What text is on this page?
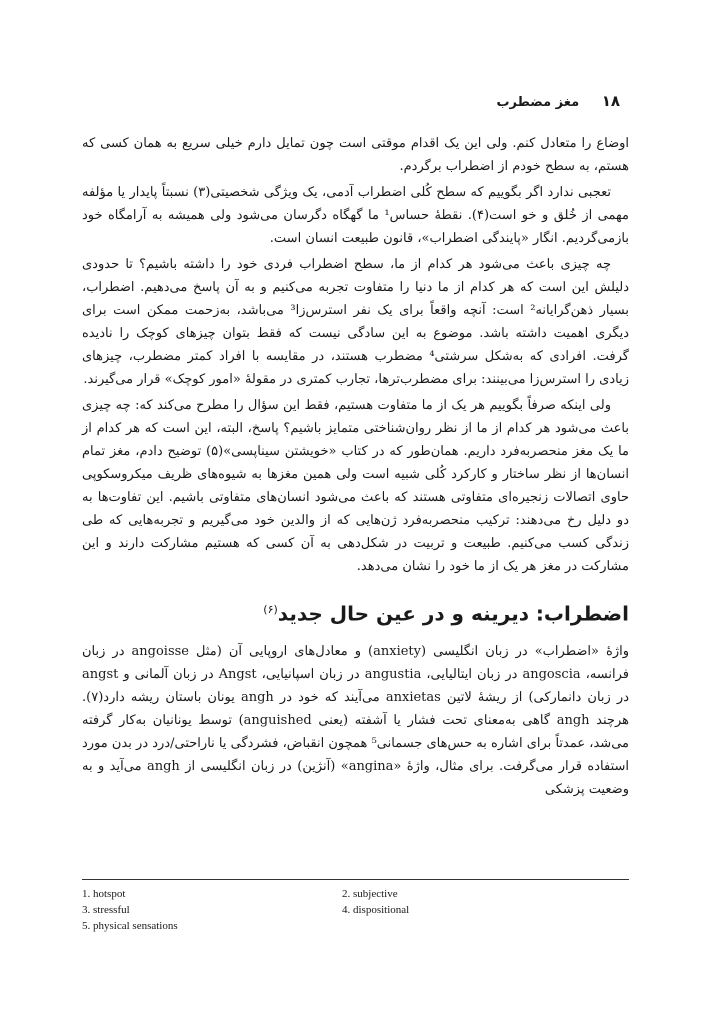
۱۸ مغز مضطرب

اوضاع را متعادل کنم. ولی این یک اقدام موقتی است چون تمایل دارم خیلی سریع به همان کسی که هستم، به سطح خودم از اضطراب برگردم.

تعجبی ندارد اگر بگوییم که سطح کُلی اضطراب آدمی، یک ویژگی شخصیتی(۳) نسبتاً پایدار یا مؤلفه مهمی از خُلق و خو است(۴). نقطهٔ حساس¹ ما گهگاه دگرسان می‌شود ولی همیشه به آرامگاه خود بازمی‌گردیم. انگار «پایندگی اضطراب»، قانون طبیعت انسان است.

چه چیزی باعث می‌شود هر کدام از ما، سطح اضطراب فردی خود را داشته باشیم؟ تا حدودی دلیلش این است که هر کدام از ما دنیا را متفاوت تجربه می‌کنیم و به آن پاسخ می‌دهیم. اضطراب، بسیار ذهن‌گرایانه² است: آنچه واقعاً برای یک نفر استرس‌زا³ می‌باشد، به‌زحمت ممکن است برای دیگری اهمیت داشته باشد. موضوع به این سادگی نیست که فقط بتوان چیزهای کوچک را نادیده گرفت. افرادی که به‌شکل سرشتی⁴ مضطرب هستند، در مقایسه با افراد کمتر مضطرب، چیزهای زیادی را استرس‌زا می‌بینند: برای مضطرب‌ترها، تجارب کمتری در مقولهٔ «امور کوچک» قرار می‌گیرند.

ولی اینکه صرفاً بگوییم هر یک از ما متفاوت هستیم، فقط این سؤال را مطرح می‌کند که: چه چیزی باعث می‌شود هر کدام از ما از نظر روان‌شناختی متمایز باشیم؟ پاسخ، البته، این است که هر کدام از ما یک مغز منحصربه‌فرد داریم. همان‌طور که در کتاب «خویشتن سیناپسی»(۵) توضیح دادم، مغز تمام انسان‌ها از نظر ساختار و کارکرد کُلی شبیه است ولی همین مغزها به شیوه‌های ظریف میکروسکوپی حاوی اتصالات زنجیره‌ای متفاوتی هستند که باعث می‌شود انسان‌های متفاوتی باشیم. این تفاوت‌ها به دو دلیل رخ می‌دهند: ترکیب منحصربه‌فرد ژن‌هایی که از والدین خود می‌گیریم و تجربه‌هایی که طی زندگی کسب می‌کنیم. طبیعت و تربیت در شکل‌دهی به آن کسی که هستیم مشارکت دارند و این مشارکت در مغز هر یک از ما خود را نشان می‌دهد.

اضطراب: دیرینه و در عین حال جدید$^{(۶)}$

واژهٔ «اضطراب» در زبان انگلیسی (anxiety) و معادل‌های اروپایی آن (مثل angoisse در زبان فرانسه، angoscia در زبان ایتالیایی، angustia در زبان اسپانیایی، Angst در زبان آلمانی و angst در زبان دانمارکی) از ریشهٔ لاتین anxietas می‌آیند که خود در angh یونان باستان ریشه دارد(۷). هرچند angh گاهی به‌معنای تحت فشار یا آشفته (یعنی anguished) توسط یونانیان به‌کار گرفته می‌شد، عمدتاً برای اشاره به حس‌های جسمانی⁵ همچون انقباض، فشردگی یا ناراحتی/درد در بدن مورد استفاده قرار می‌گرفت. برای مثال، واژهٔ «angina» (آنژین) در زبان انگلیسی از angh می‌آید و به وضعیت پزشکی

1. hotspot	2. subjective
3. stressful	4. dispositional
5. physical sensations
